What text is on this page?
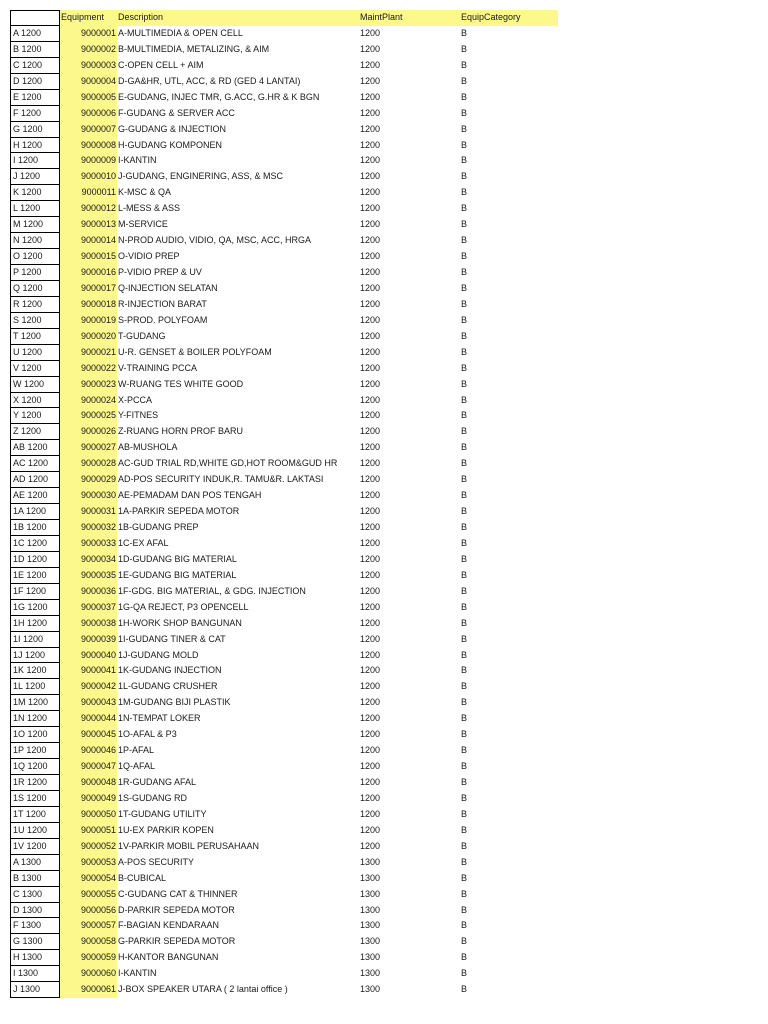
Equipment	Description	MaintPlant	EquipCategory
A 1200	9000001 A-MULTIMEDIA & OPEN CELL	1200	B
B 1200	9000002 B-MULTIMEDIA, METALIZING, & AIM	1200	B
C 1200	9000003 C-OPEN CELL + AIM	1200	B
D 1200	9000004 D-GA&HR, UTL, ACC, & RD (GED 4 LANTAI)	1200	B
E 1200	9000005 E-GUDANG, INJEC TMR, G.ACC, G.HR & K BGN	1200	B
F 1200	9000006 F-GUDANG & SERVER ACC	1200	B
G 1200	9000007 G-GUDANG & INJECTION	1200	B
H 1200	9000008 H-GUDANG KOMPONEN	1200	B
I 1200	9000009 I-KANTIN	1200	B
J 1200	9000010 J-GUDANG, ENGINERING, ASS, & MSC	1200	B
K 1200	9000011 K-MSC & QA	1200	B
L 1200	9000012 L-MESS & ASS	1200	B
M 1200	9000013 M-SERVICE	1200	B
N 1200	9000014 N-PROD AUDIO, VIDIO, QA, MSC, ACC, HRGA	1200	B
O 1200	9000015 O-VIDIO PREP	1200	B
P 1200	9000016 P-VIDIO PREP & UV	1200	B
Q 1200	9000017 Q-INJECTION SELATAN	1200	B
R 1200	9000018 R-INJECTION BARAT	1200	B
S 1200	9000019 S-PROD. POLYFOAM	1200	B
T 1200	9000020 T-GUDANG	1200	B
U 1200	9000021 U-R. GENSET & BOILER POLYFOAM	1200	B
V 1200	9000022 V-TRAINING PCCA	1200	B
W 1200	9000023 W-RUANG TES WHITE GOOD	1200	B
X 1200	9000024 X-PCCA	1200	B
Y 1200	9000025 Y-FITNES	1200	B
Z 1200	9000026 Z-RUANG HORN PROF BARU	1200	B
AB 1200	9000027 AB-MUSHOLA	1200	B
AC 1200	9000028 AC-GUD TRIAL RD,WHITE GD,HOT ROOM&GUD HR	1200	B
AD 1200	9000029 AD-POS SECURITY INDUK,R. TAMU&R. LAKTASI	1200	B
AE 1200	9000030 AE-PEMADAM DAN POS TENGAH	1200	B
1A 1200	9000031 1A-PARKIR SEPEDA MOTOR	1200	B
1B 1200	9000032 1B-GUDANG PREP	1200	B
1C 1200	9000033 1C-EX AFAL	1200	B
1D 1200	9000034 1D-GUDANG BIG MATERIAL	1200	B
1E 1200	9000035 1E-GUDANG BIG MATERIAL	1200	B
1F 1200	9000036 1F-GDG. BIG MATERIAL, & GDG. INJECTION	1200	B
1G 1200	9000037 1G-QA REJECT, P3 OPENCELL	1200	B
1H 1200	9000038 1H-WORK SHOP BANGUNAN	1200	B
1I 1200	9000039 1I-GUDANG TINER & CAT	1200	B
1J 1200	9000040 1J-GUDANG MOLD	1200	B
1K 1200	9000041 1K-GUDANG INJECTION	1200	B
1L 1200	9000042 1L-GUDANG CRUSHER	1200	B
1M 1200	9000043 1M-GUDANG BIJI PLASTIK	1200	B
1N 1200	9000044 1N-TEMPAT LOKER	1200	B
1O 1200	9000045 1O-AFAL & P3	1200	B
1P 1200	9000046 1P-AFAL	1200	B
1Q 1200	9000047 1Q-AFAL	1200	B
1R 1200	9000048 1R-GUDANG AFAL	1200	B
1S 1200	9000049 1S-GUDANG RD	1200	B
1T 1200	9000050 1T-GUDANG UTILITY	1200	B
1U 1200	9000051 1U-EX PARKIR KOPEN	1200	B
1V 1200	9000052 1V-PARKIR MOBIL PERUSAHAAN	1200	B
A 1300	9000053 A-POS SECURITY	1300	B
B 1300	9000054 B-CUBICAL	1300	B
C 1300	9000055 C-GUDANG CAT & THINNER	1300	B
D 1300	9000056 D-PARKIR SEPEDA MOTOR	1300	B
F 1300	9000057 F-BAGIAN KENDARAAN	1300	B
G 1300	9000058 G-PARKIR SEPEDA MOTOR	1300	B
H 1300	9000059 H-KANTOR BANGUNAN	1300	B
I 1300	9000060 I-KANTIN	1300	B
J 1300	9000061 J-BOX SPEAKER UTARA ( 2 lantai office )	1300	B
